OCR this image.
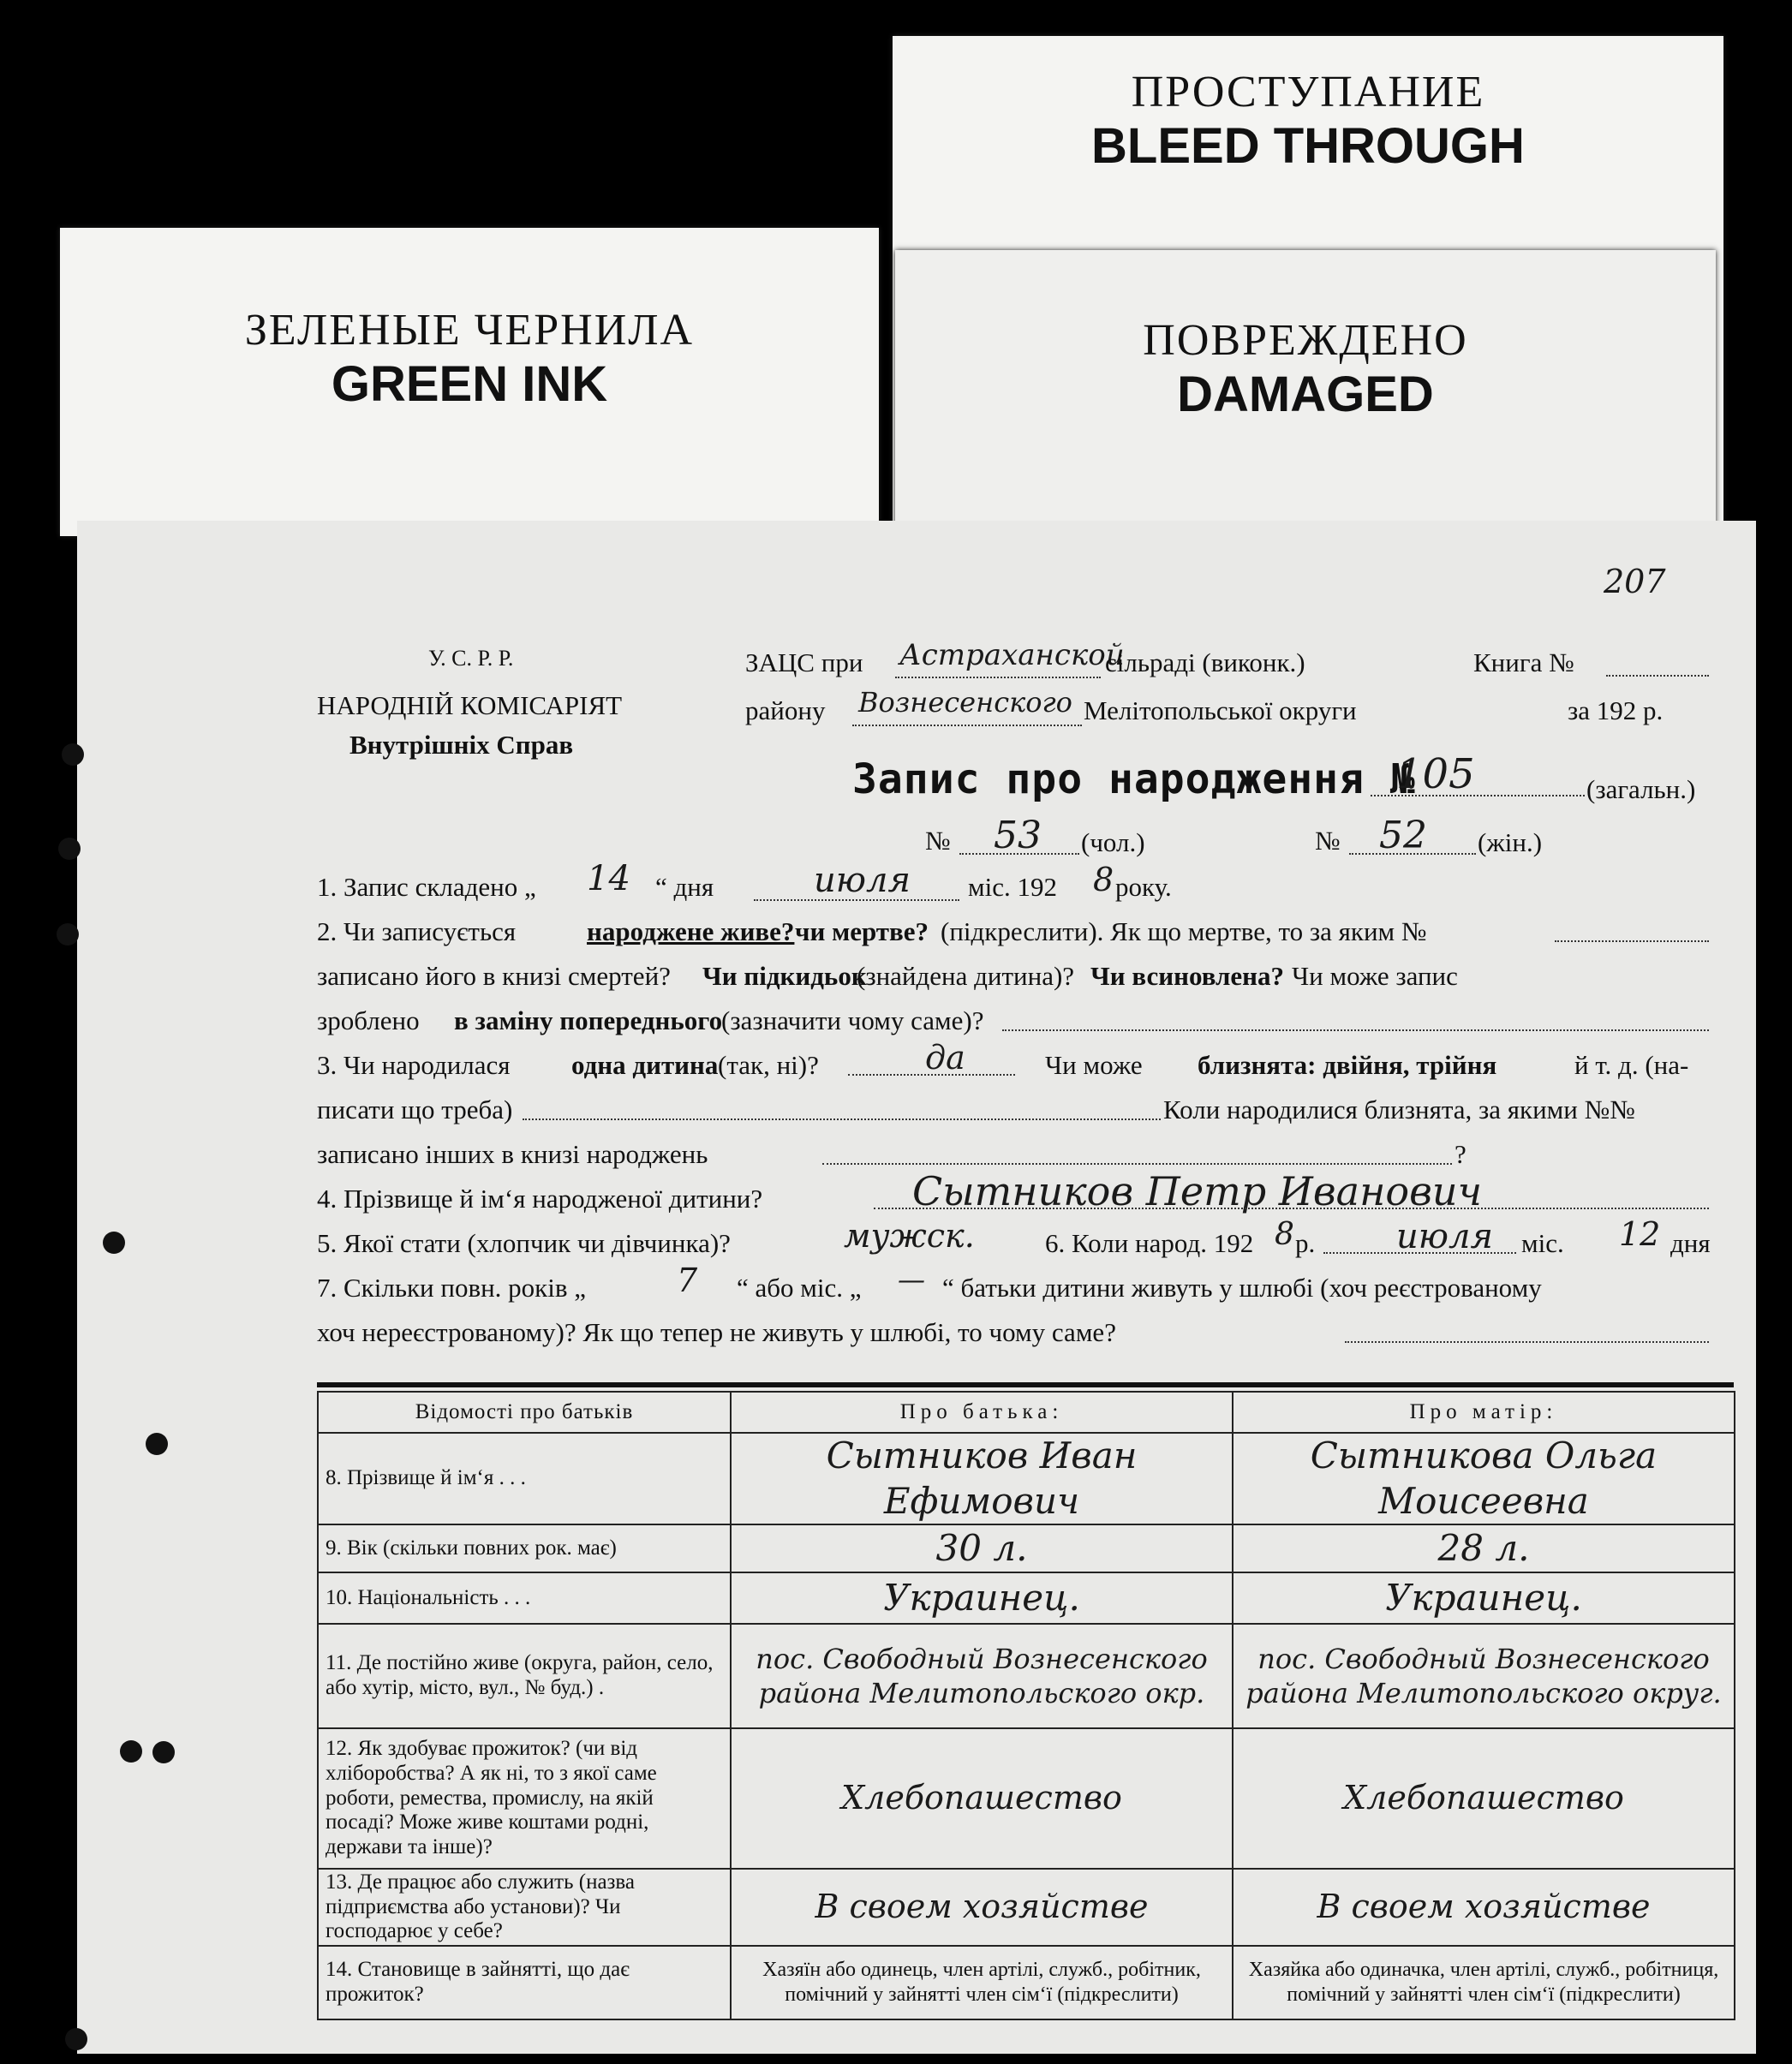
ПРОСТУПАНИЕ
BLEED THROUGH
ПОВРЕЖДЕНО
DAMAGED
ЗЕЛЕНЫЕ ЧЕРНИЛА
GREEN INK
207
У. С. Р. Р.
НАРОДНІЙ КОМІСАРІЯТ
Внутрішніх Справ
ЗАЦС при Астраханской
сільраді (виконк.)	Книга №
району Вознесенского Мелітопольської округи	за 192 р.
Запис про народження №
105	(загальн.)
№ 53 (чол.)	№ 52 (жін.)
1. Запис складено „ 14 “ дня	июля міс. 192 8 року.
2. Чи записується	народжене живе? чи мертве? (підкреслити). Як що мертве, то за яким №
записано його в книзі смертей? Чи підкидьок
(знайдена дитина)? Чи всиновлена? Чи може запис
зроблено в заміну попереднього
(зазначити чому саме)?
3. Чи народилася одна дитина (так, ні)?	да	Чи може близнята: двійня, трійня	й т. д. (на-
писати що треба)	Коли народилися близнята, за якими №№
записано інших в книзі народжень	?
4. Прізвище й ім‘я народженої дитини?	Сытников Петр Иванович
5. Якої стати (хлопчик чи дівчинка)?	мужск.	6. Коли народ. 192 8 р. июля міс. 12 дня
7. Скільки повн. років „	7 “ або міс. „ — “ батьки дитини живуть у шлюбі (хоч реєстрованому
хоч нереєстрованому)? Як що тепер не живуть у шлюбі, то чому саме?
Відомості про батьків	Про батька:	Про матір:
8. Прізвище й ім‘я . . .	Сытников Иван Ефимович	Сытникова Ольга Моисеевна
9. Вік (скільки повних рок. має)	30 л.	28 л.
10. Національність . . .	Украинец.	Украинец.
11. Де постійно живе (округа, район, село, або хутір, місто, вул., № буд.) .	пос. Свободный Вознесенского района Мелитопольского окр.	пос. Свободный Вознесенского района Мелитопольского округ.
12. Як здобуває прожиток? (чи від хліборобства? А як ні, то з якої саме роботи, ремества, промислу, на якій посаді? Може живе коштами родні, держави та інше)?	Хлебопашество	Хлебопашество
13. Де працює або служить (назва підприємства або установи)? Чи господарює у себе?	В своем хозяйстве	В своем хозяйстве
14. Становище в зайнятті, що дає прожиток?	Хазяїн або одинець, член артілі, служб., робітник, помічний у зайнятті член сім‘ї (підкреслити)	Хазяйка або одиначка, член артілі, служб., робітниця, помічний у зайнятті член сім‘ї (підкреслити)
